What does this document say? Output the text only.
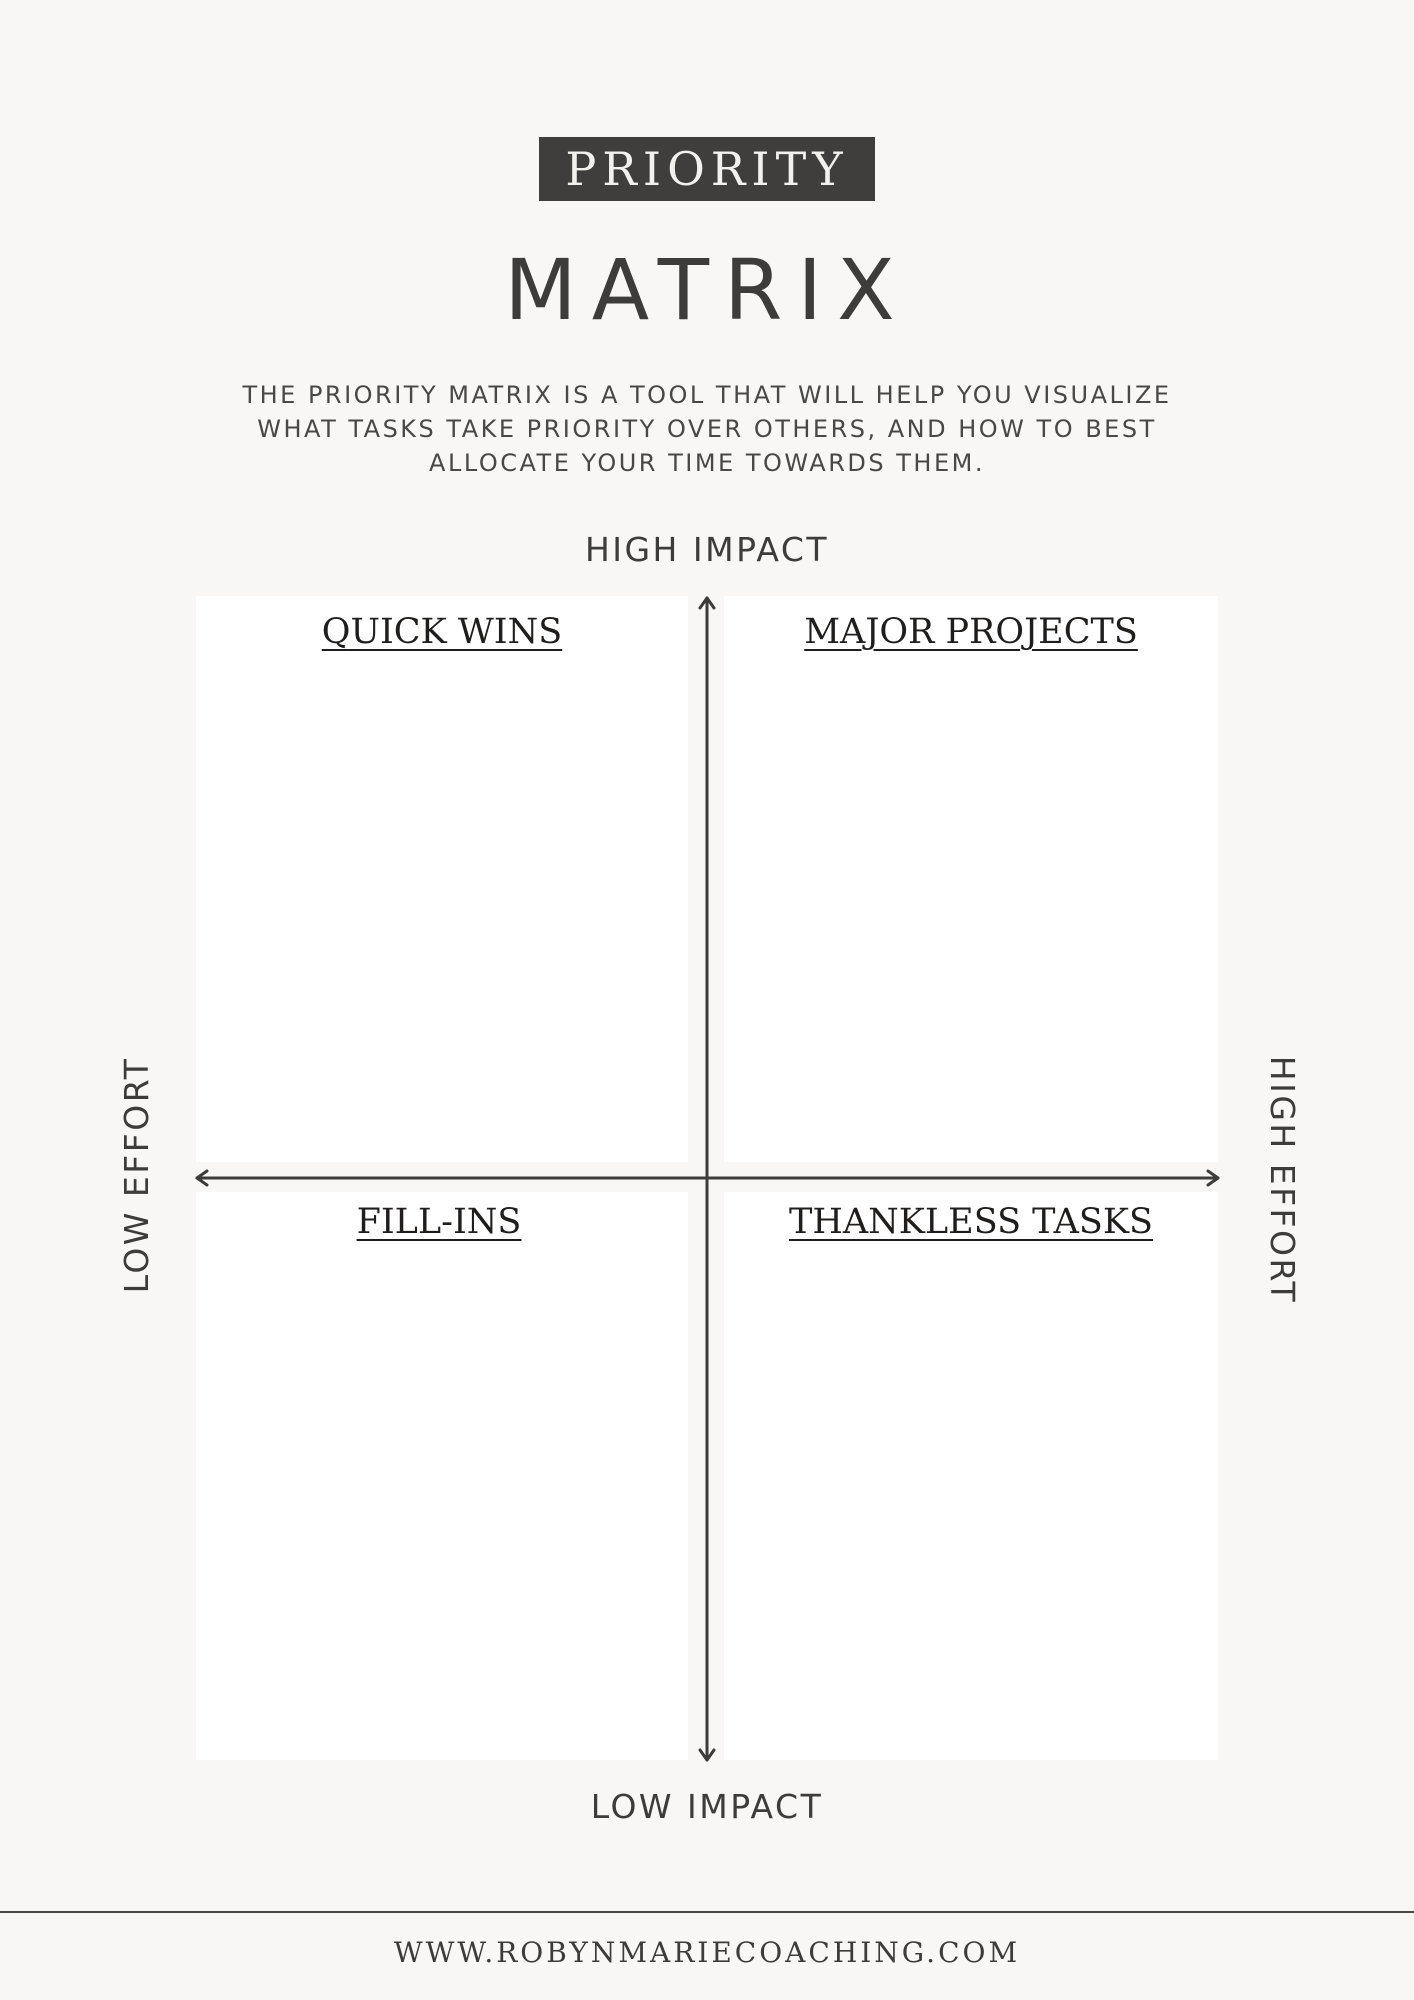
PRIORITY
MATRIX
THE PRIORITY MATRIX IS A TOOL THAT WILL HELP YOU VISUALIZE
WHAT TASKS TAKE PRIORITY OVER OTHERS, AND HOW TO BEST
ALLOCATE YOUR TIME TOWARDS THEM.
HIGH IMPACT
QUICK WINS	MAJOR PROJECTS
FILL-INS	THANKLESS TASKS
LOW EFFORT	HIGH EFFORT
LOW IMPACT
WWW.ROBYNMARIECOACHING.COM
